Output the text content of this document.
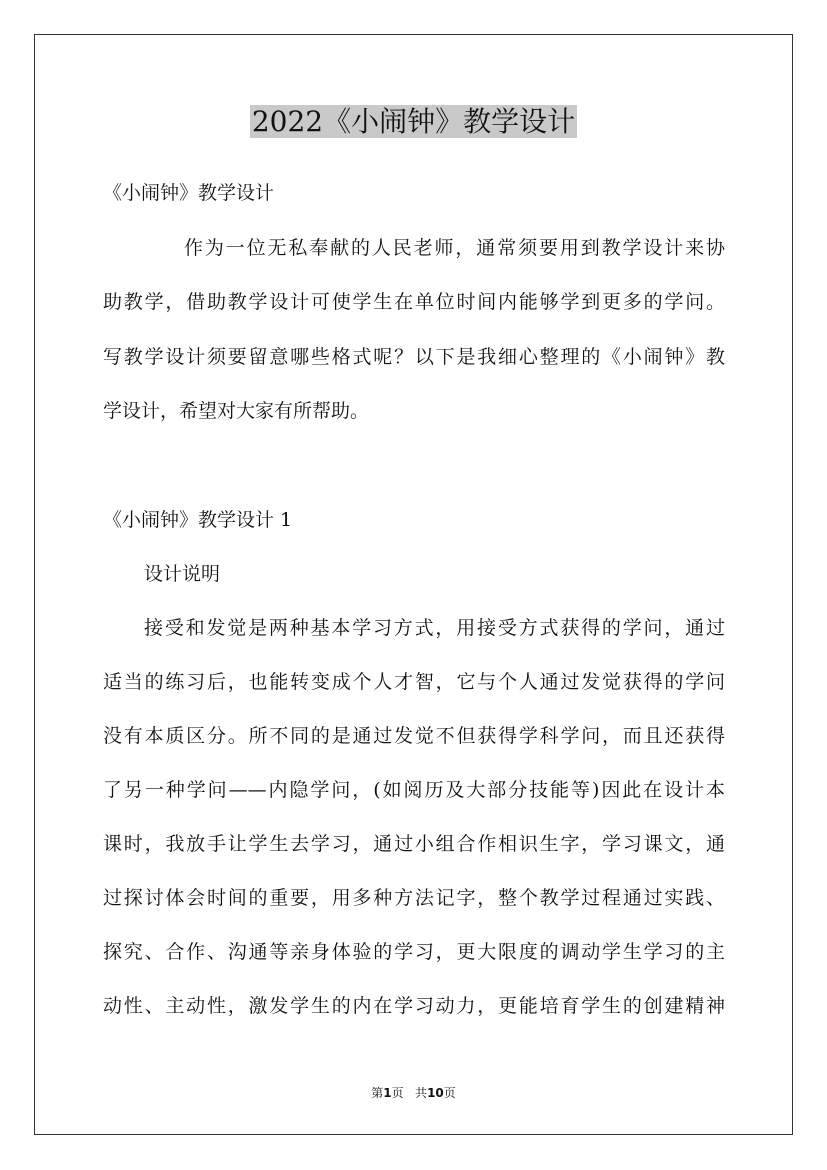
2022《小闹钟》教学设计
《小闹钟》教学设计
作为一位无私奉献的人民老师，通常须要用到教学设计来协
助教学，借助教学设计可使学生在单位时间内能够学到更多的学问。
写教学设计须要留意哪些格式呢？以下是我细心整理的《小闹钟》教
学设计，希望对大家有所帮助。
《小闹钟》教学设计 1
设计说明
接受和发觉是两种基本学习方式，用接受方式获得的学问，通过
适当的练习后，也能转变成个人才智，它与个人通过发觉获得的学问
没有本质区分。所不同的是通过发觉不但获得学科学问，而且还获得
了另一种学问——内隐学问，(如阅历及大部分技能等)因此在设计本
课时，我放手让学生去学习，通过小组合作相识生字，学习课文，通
过探讨体会时间的重要，用多种方法记字，整个教学过程通过实践、
探究、合作、沟通等亲身体验的学习，更大限度的调动学生学习的主
动性、主动性，激发学生的内在学习动力，更能培育学生的创建精神
第1页 共10页
